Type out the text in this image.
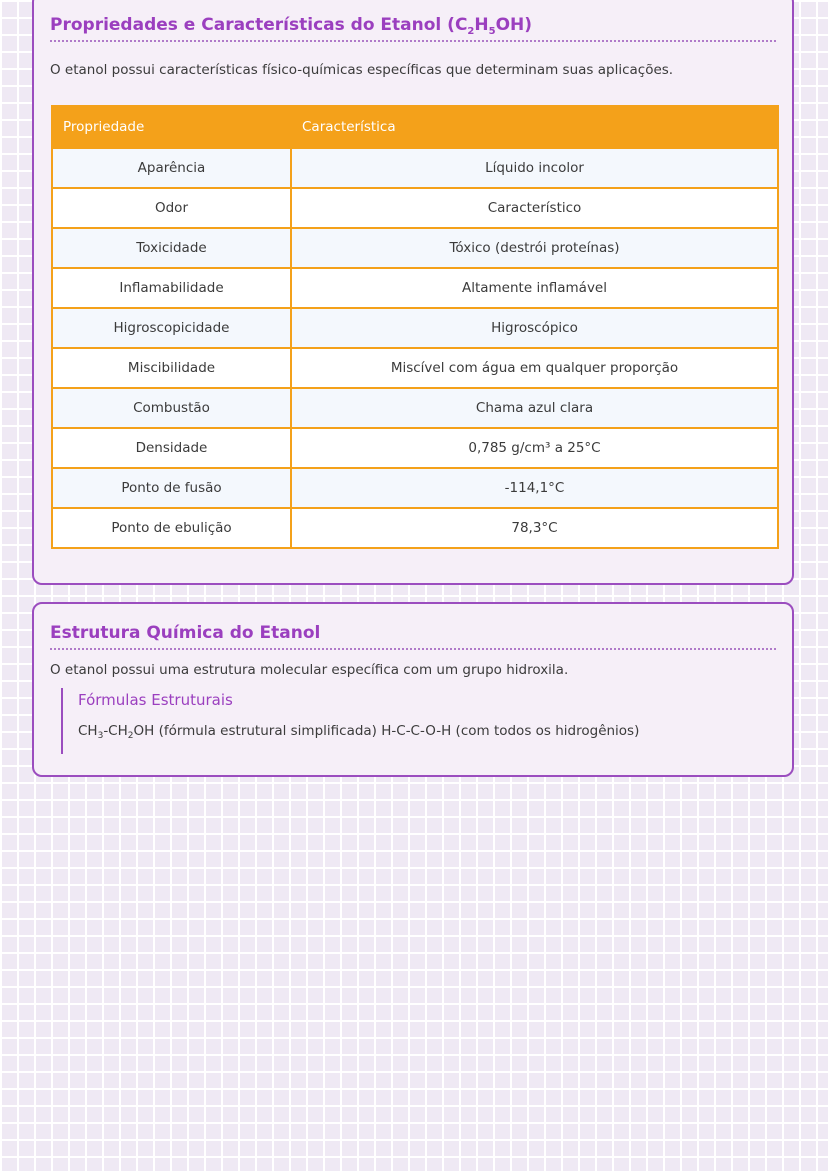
Propriedades e Características do Etanol $(C_2H_5OH)$

O etanol possui características físico-químicas específicas que determinam suas aplicações.

Propriedade	Característica
Aparência	Líquido incolor
Odor	Característico
Toxicidade	Tóxico (destrói proteínas)
Inflamabilidade	Altamente inflamável
Higroscopicidade	Higroscópico
Miscibilidade	Miscível com água em qualquer proporção
Combustão	Chama azul clara
Densidade	0,785 g/cm³ a 25°C
Ponto de fusão	-114,1°C
Ponto de ebulição	78,3°C
Estrutura Química do Etanol

O etanol possui uma estrutura molecular específica com um grupo hidroxila.

Fórmulas Estruturais

$CH_3-CH_2OH$ (fórmula estrutural simplificada) H-C-C-O-H (com todos os hidrogênios)
